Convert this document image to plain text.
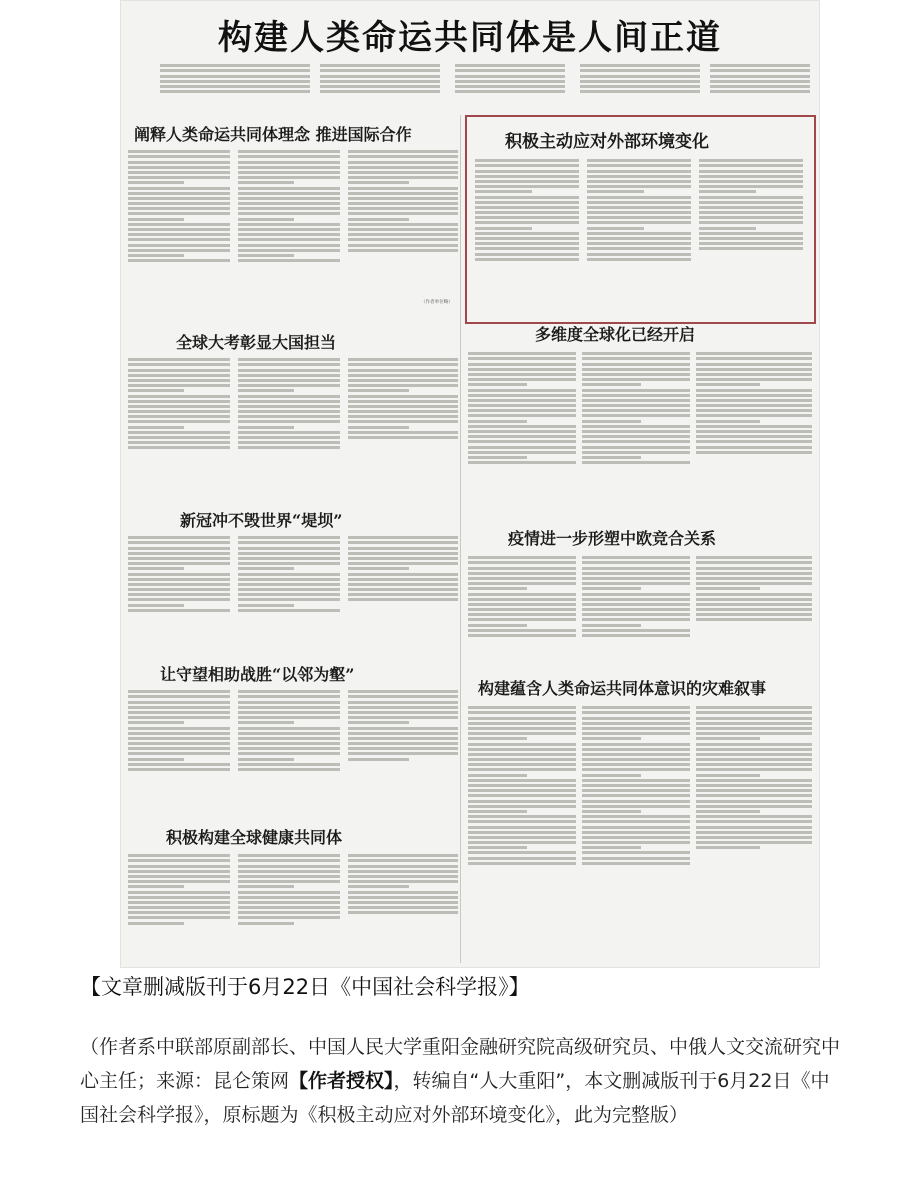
构建人类命运共同体是人间正道
阐释人类命运共同体理念 推进国际合作
（作者单位略）
全球大考彰显大国担当
新冠冲不毁世界“堤坝”
让守望相助战胜“以邻为壑”
积极构建全球健康共同体
积极主动应对外部环境变化
多维度全球化已经开启
疫情进一步形塑中欧竞合关系
构建蕴含人类命运共同体意识的灾难叙事
【文章删减版刊于6月22日《中国社会科学报》】
（作者系中联部原副部长、中国人民大学重阳金融研究院高级研究员、中俄人文交流研究中心主任；来源：昆仑策网【作者授权】，转编自“人大重阳”，本文删减版刊于6月22日《中国社会科学报》，原标题为《积极主动应对外部环境变化》，此为完整版）
